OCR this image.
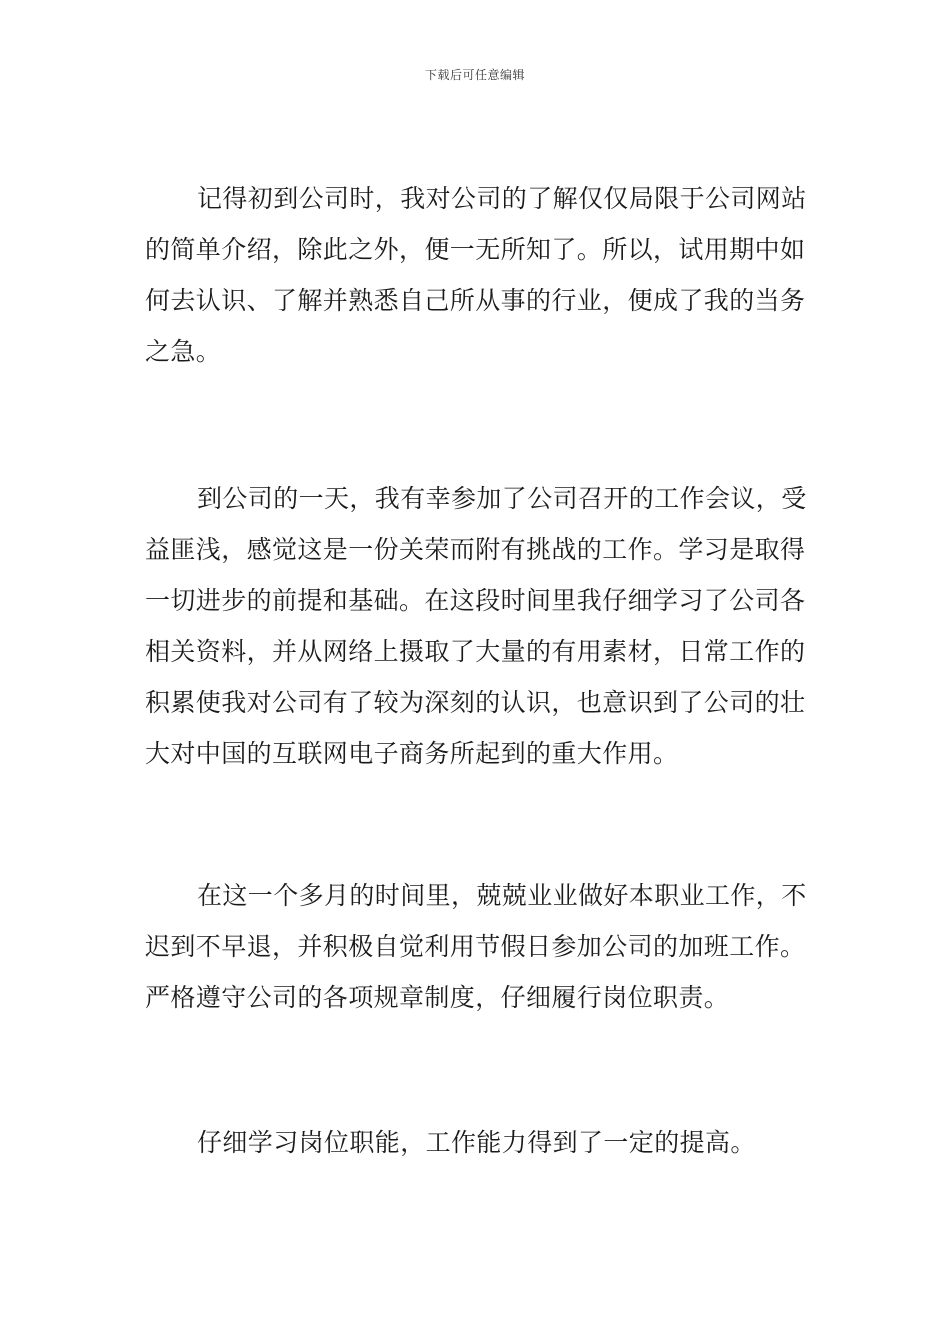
下载后可任意编辑

记得初到公司时，我对公司的了解仅仅局限于公司网站的简单介绍，除此之外，便一无所知了。所以，试用期中如何去认识、了解并熟悉自己所从事的行业，便成了我的当务之急。

到公司的一天，我有幸参加了公司召开的工作会议，受益匪浅，感觉这是一份关荣而附有挑战的工作。学习是取得一切进步的前提和基础。在这段时间里我仔细学习了公司各相关资料，并从网络上摄取了大量的有用素材，日常工作的积累使我对公司有了较为深刻的认识，也意识到了公司的壮大对中国的互联网电子商务所起到的重大作用。

在这一个多月的时间里，兢兢业业做好本职业工作，不迟到不早退，并积极自觉利用节假日参加公司的加班工作。严格遵守公司的各项规章制度，仔细履行岗位职责。

仔细学习岗位职能，工作能力得到了一定的提高。
